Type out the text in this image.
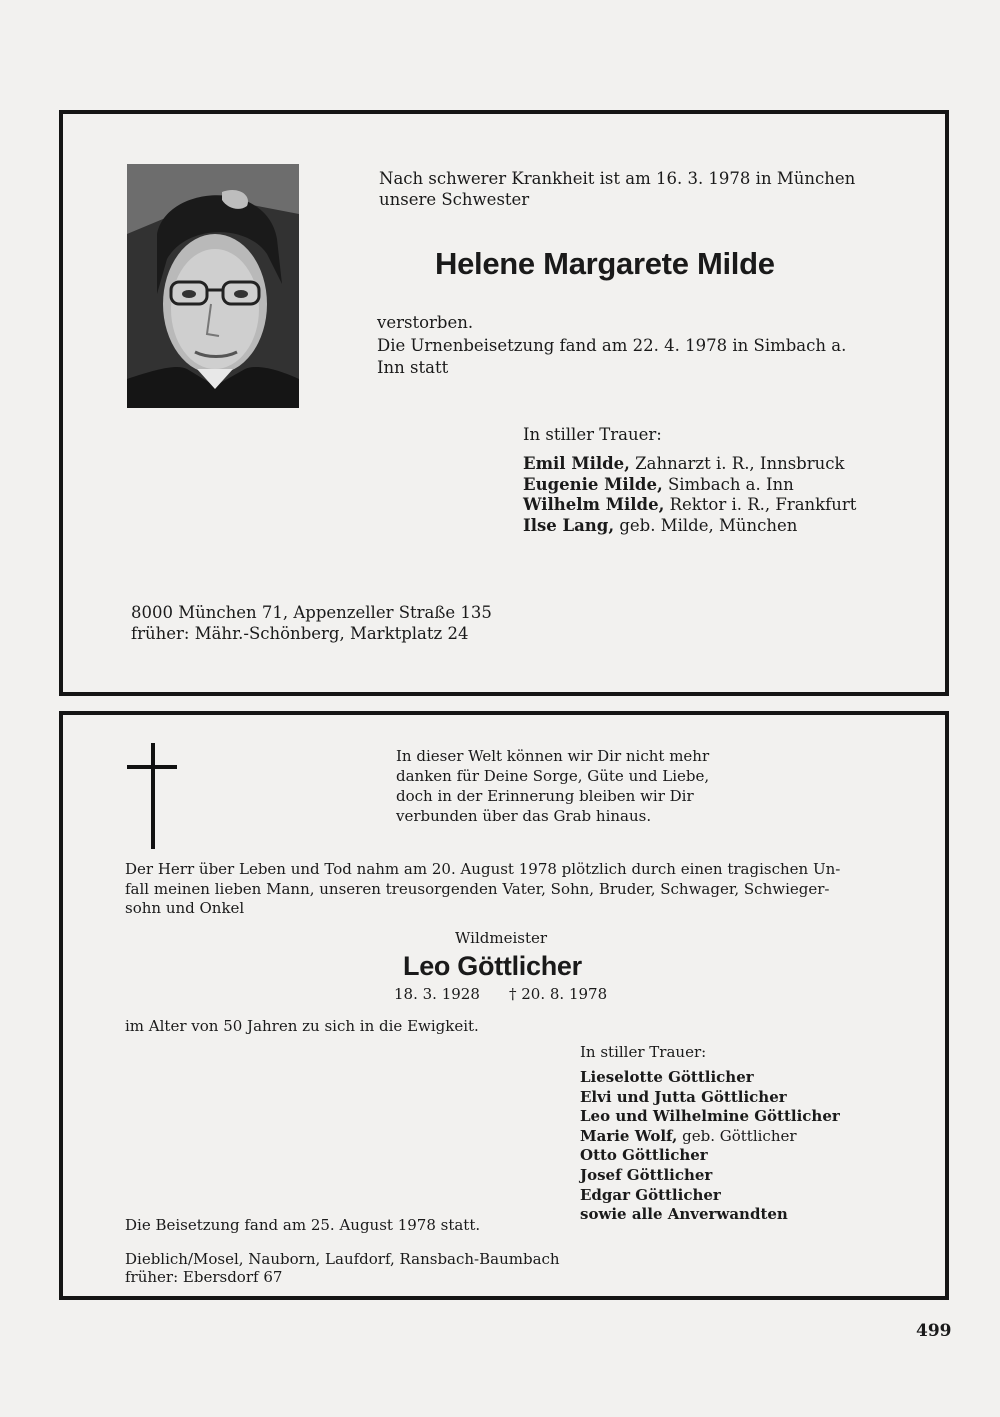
Nach schwerer Krankheit ist am 16. 3. 1978 in München

unsere Schwester

Helene Margarete Milde

verstorben.

Die Urnenbeisetzung fand am 22. 4. 1978 in Simbach a.

Inn statt

In stiller Trauer:

Emil Milde, Zahnarzt i. R., Innsbruck

Eugenie Milde, Simbach a. Inn

Wilhelm Milde, Rektor i. R., Frankfurt

Ilse Lang, geb. Milde, München

8000 München 71, Appenzeller Straße 135

früher: Mähr.-Schönberg, Marktplatz 24

In dieser Welt können wir Dir nicht mehr

danken für Deine Sorge, Güte und Liebe,

doch in der Erinnerung bleiben wir Dir

verbunden über das Grab hinaus.

Der Herr über Leben und Tod nahm am 20. August 1978 plötzlich durch einen tragischen Un-

fall meinen lieben Mann, unseren treusorgenden Vater, Sohn, Bruder, Schwager, Schwieger-

sohn und Onkel

Wildmeister

Leo Göttlicher

18. 3. 1928 † 20. 8. 1978

im Alter von 50 Jahren zu sich in die Ewigkeit.

In stiller Trauer:

Lieselotte Göttlicher

Elvi und Jutta Göttlicher

Leo und Wilhelmine Göttlicher

Marie Wolf, geb. Göttlicher

Otto Göttlicher

Josef Göttlicher

Edgar Göttlicher

sowie alle Anverwandten

Die Beisetzung fand am 25. August 1978 statt.

Dieblich/Mosel, Nauborn, Laufdorf, Ransbach-Baumbach

früher: Ebersdorf 67

499
